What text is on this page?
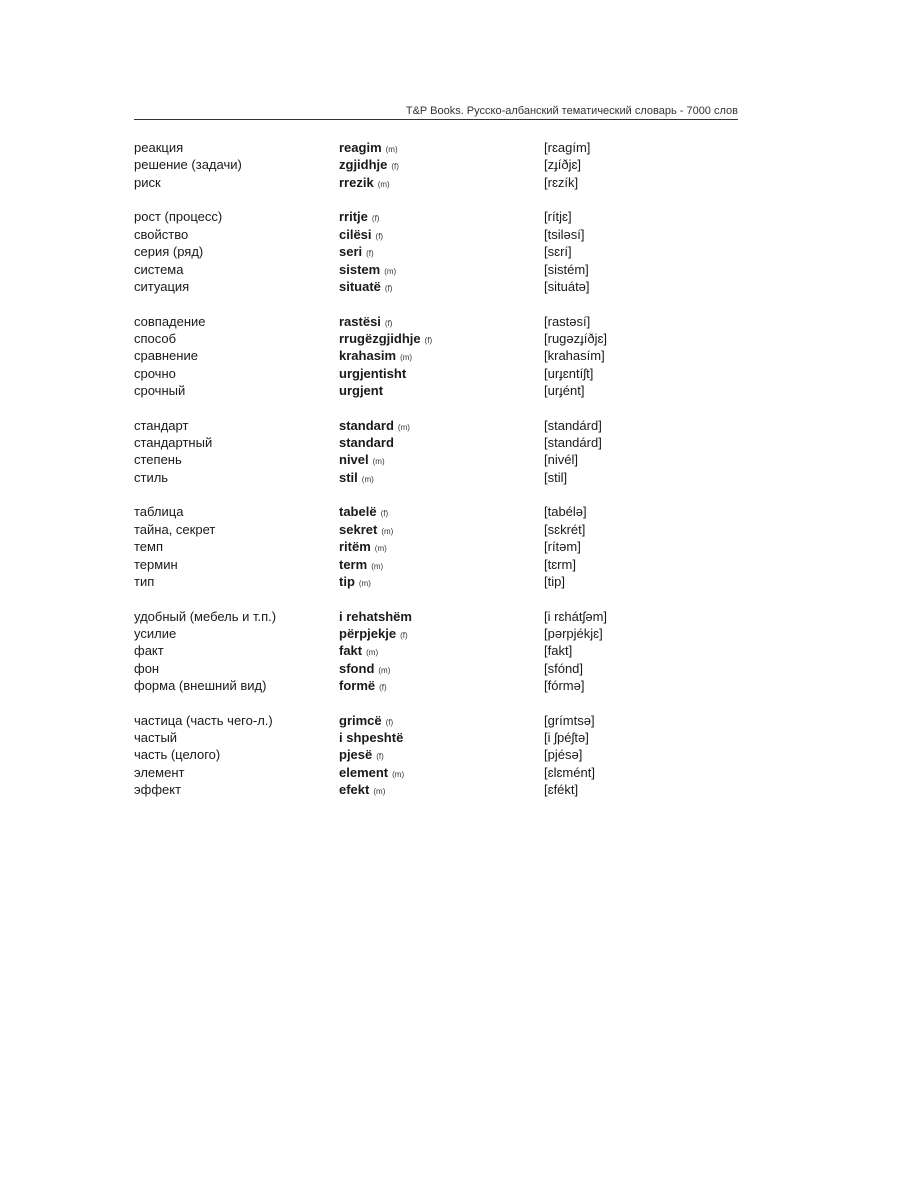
T&P Books. Русско-албанский тематический словарь - 7000 слов
реакция	reagim (m)	[rɛagím]
решение (задачи)	zgjidhje (f)	[zɟíðjɛ]
риск	rrezik (m)	[rɛzík]
рост (процесс)	rritje (f)	[rítjɛ]
свойство	cilësi (f)	[tsiləsí]
серия (ряд)	seri (f)	[sɛrí]
система	sistem (m)	[sistém]
ситуация	situatë (f)	[situátə]
совпадение	rastësi (f)	[rastəsí]
способ	rrugëzgjidhje (f)	[rugəzɟíðjɛ]
сравнение	krahasim (m)	[krahasím]
срочно	urgjentisht	[urɟɛntíʃt]
срочный	urgjent	[urɟént]
стандарт	standard (m)	[standárd]
стандартный	standard	[standárd]
степень	nivel (m)	[nivél]
стиль	stil (m)	[stil]
таблица	tabelë (f)	[tabélə]
тайна, секрет	sekret (m)	[sɛkrét]
темп	ritëm (m)	[rítəm]
термин	term (m)	[tɛrm]
тип	tip (m)	[tip]
удобный (мебель и т.п.)	i rehatshëm	[i rɛhátʃəm]
усилие	përpjekje (f)	[pərpjékjɛ]
факт	fakt (m)	[fakt]
фон	sfond (m)	[sfónd]
форма (внешний вид)	formë (f)	[fórmə]
частица (часть чего-л.)	grimcë (f)	[grímtsə]
частый	i shpeshtë	[i ʃpéʃtə]
часть (целого)	pjesë (f)	[pjésə]
элемент	element (m)	[ɛlɛmént]
эффект	efekt (m)	[ɛfékt]
